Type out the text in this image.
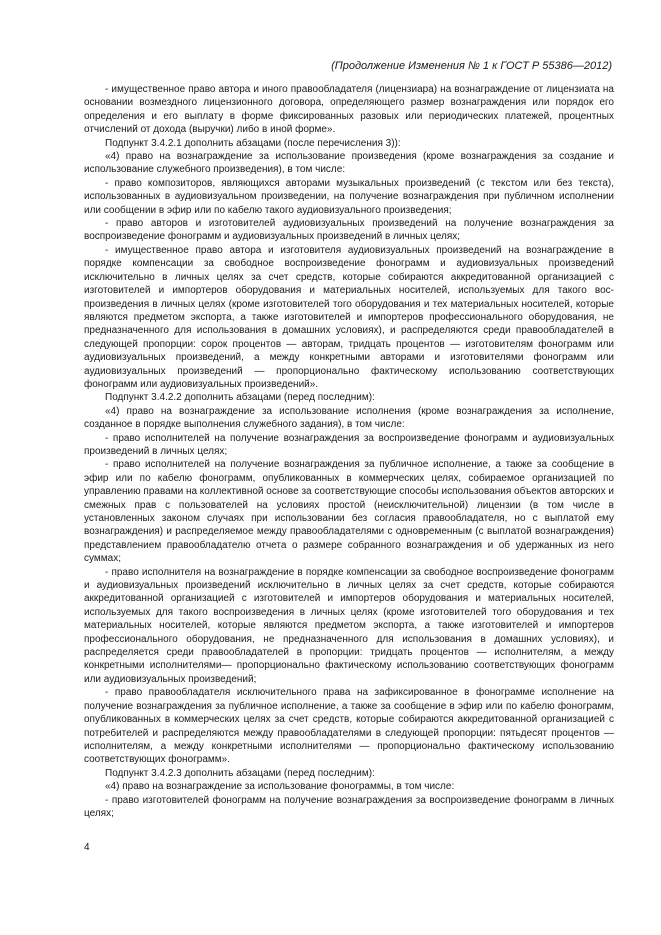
(Продолжение Изменения № 1 к ГОСТ Р 55386—2012)

- имущественное право автора и иного правообладателя (лицензиара) на вознаграждение от лицензиата на основании возмездного лицензионного договора, определяющего размер вознаграждения или порядок его определения и его выплату в форме фиксированных разовых или периодических платежей, процентных отчислений от дохода (выручки) либо в иной форме».

Подпункт 3.4.2.1 дополнить абзацами (после перечисления 3)):

«4) право на вознаграждение за использование произведения (кроме вознаграждения за создание и использование служебного произведения), в том числе:

- право композиторов, являющихся авторами музыкальных произведений (с текстом или без текста), использованных в аудиовизуальном произведении, на получение вознаграждения при публичном исполнении или сообщении в эфир или по кабелю такого аудиовизуального произведения;

- право авторов и изготовителей аудиовизуальных произведений на получение вознаграждения за воспроизведение фонограмм и аудиовизуальных произведений в личных целях;

- имущественное право автора и изготовителя аудиовизуальных произведений на вознаграждение в порядке компенсации за свободное воспроизведение фонограмм и аудиовизуальных произведений исключительно в личных целях за счет средств, которые собираются аккредитованной организацией с изготовителей и импортеров оборудования и материальных носителей, используемых для такого воспроизведения в личных целях (кроме изготовителей того оборудования и тех материальных носителей, которые являются предметом экспорта, а также изготовителей и импортеров профессионального оборудования, не предназначенного для использования в домашних условиях), и распределяются среди правообладателей в следующей пропорции: сорок процентов — авторам, тридцать процентов — изготовителям фонограмм или аудиовизуальных произведений, а между конкретными авторами и изготовителями фонограмм или аудиовизуальных произведений — пропорционально фактическому использованию соответствующих фонограмм или аудиовизуальных произведений».

Подпункт 3.4.2.2 дополнить абзацами (перед последним):

«4) право на вознаграждение за использование исполнения (кроме вознаграждения за исполнение, созданное в порядке выполнения служебного задания), в том числе:

- право исполнителей на получение вознаграждения за воспроизведение фонограмм и аудиовизуальных произведений в личных целях;

- право исполнителей на получение вознаграждения за публичное исполнение, а также за сообщение в эфир или по кабелю фонограмм, опубликованных в коммерческих целях, собираемое организацией по управлению правами на коллективной основе за соответствующие способы использования объектов авторских и смежных прав с пользователей на условиях простой (неисключительной) лицензии (в том числе в установленных законом случаях при использовании без согласия правообладателя, но с выплатой ему вознаграждения) и распределяемое между правообладателями с одновременным (с выплатой вознаграждения) представлением правообладателю отчета о размере собранного вознаграждения и об удержанных из него суммах;

- право исполнителя на вознаграждение в порядке компенсации за свободное воспроизведение фонограмм и аудиовизуальных произведений исключительно в личных целях за счет средств, которые собираются аккредитованной организацией с изготовителей и импортеров оборудования и материальных носителей, используемых для такого воспроизведения в личных целях (кроме изготовителей того оборудования и тех материальных носителей, которые являются предметом экспорта, а также изготовителей и импортеров профессионального оборудования, не предназначенного для использования в домашних условиях), и распределяется среди правообладателей в пропорции: тридцать процентов — исполнителям, а между конкретными исполнителями— пропорционально фактическому использованию соответствующих фонограмм или аудиовизуальных произведений;

- право правообладателя исключительного права на зафиксированное в фонограмме исполнение на получение вознаграждения за публичное исполнение, а также за сообщение в эфир или по кабелю фонограмм, опубликованных в коммерческих целях за счет средств, которые собираются аккредитованной организацией с потребителей и распределяются между правообладателями в следующей пропорции: пятьдесят процентов — исполнителям, а между конкретными исполнителями — пропорционально фактическому использованию соответствующих фонограмм».

Подпункт 3.4.2.3 дополнить абзацами (перед последним):

«4) право на вознаграждение за использование фонограммы, в том числе:

- право изготовителей фонограмм на получение вознаграждения за воспроизведение фонограмм в личных целях;

4
